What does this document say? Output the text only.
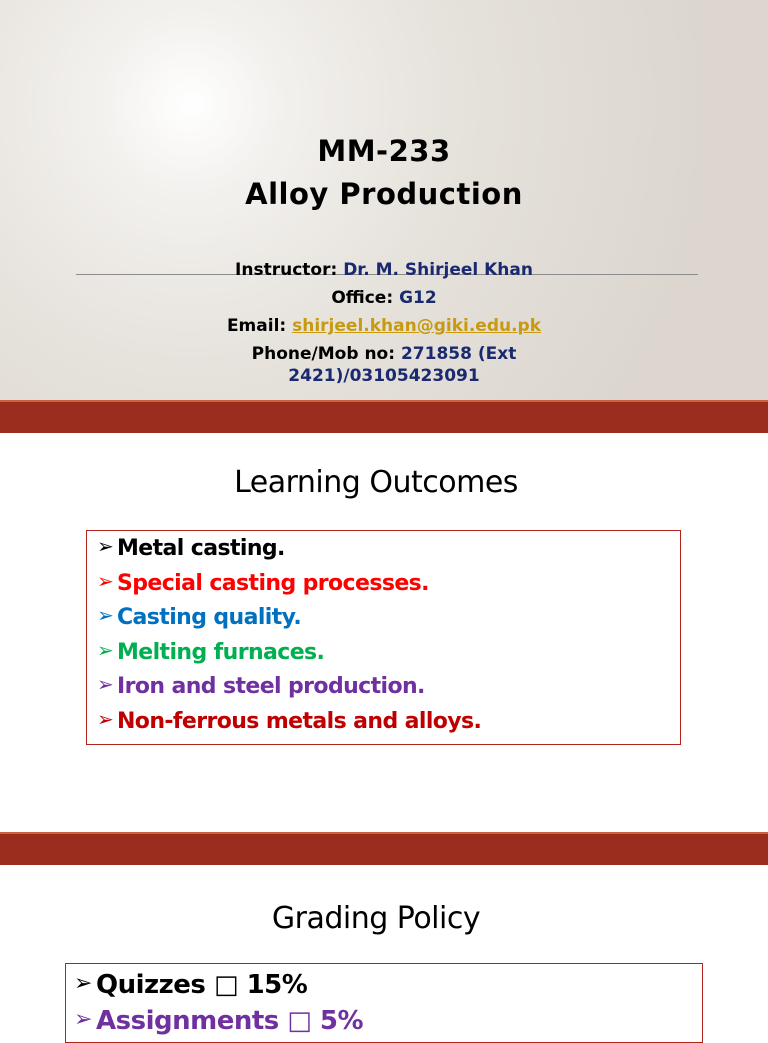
MM-233
Alloy Production
Instructor: Dr. M. Shirjeel Khan
Office: G12
Email: shirjeel.khan@giki.edu.pk
Phone/Mob no: 271858 (Ext
2421)/03105423091
Learning Outcomes
➢ Metal casting.
➢ Special casting processes.
➢ Casting quality.
➢ Melting furnaces.
➢ Iron and steel production.
➢ Non-ferrous metals and alloys.
Grading Policy
➢ Quizzes □ 15%
➢ Assignments □ 5%
